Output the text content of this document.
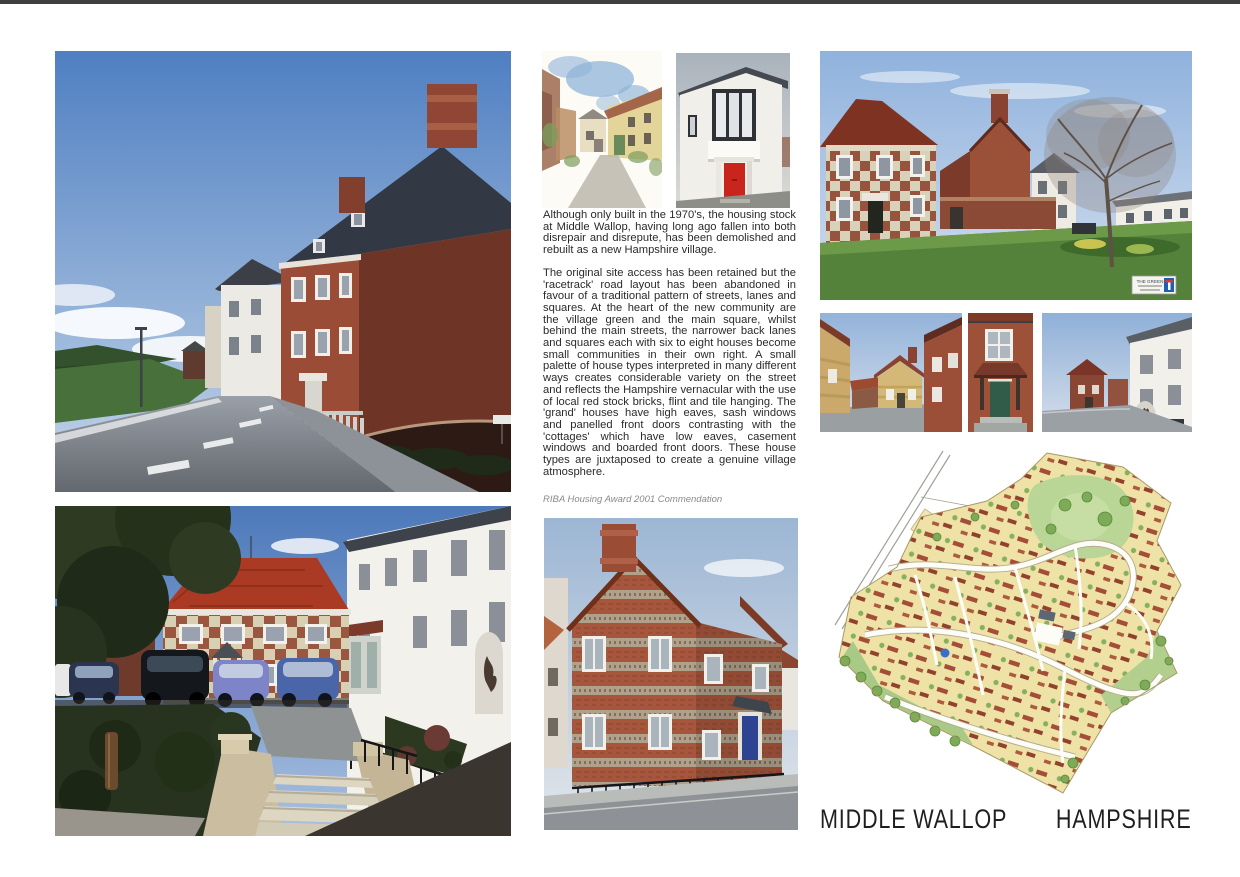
Although only built in the 1970's, the housing stock at Middle Wallop, having long ago fallen into both disrepair and disrepute, has been demolished and rebuilt as a new Hampshire village.

The original site access has been retained but the 'racetrack' road layout has been abandoned in favour of a traditional pattern of streets, lanes and squares. At the heart of the new community are the village green and the main square, whilst behind the main streets, the narrower back lanes and squares each with six to eight houses become small communities in their own right. A small palette of house types interpreted in many different ways creates considerable variety on the street and reflects the Hampshire vernacular with the use of local red stock bricks, flint and tile hanging. The 'grand' houses have high eaves, sash windows and panelled front doors contrasting with the 'cottages' which have low eaves, casement windows and boarded front doors. These house types are juxtaposed to create a genuine village atmosphere.

RIBA Housing Award 2001 Commendation

THE GREEN
MIDDLE WALLOP HAMPSHIRE
